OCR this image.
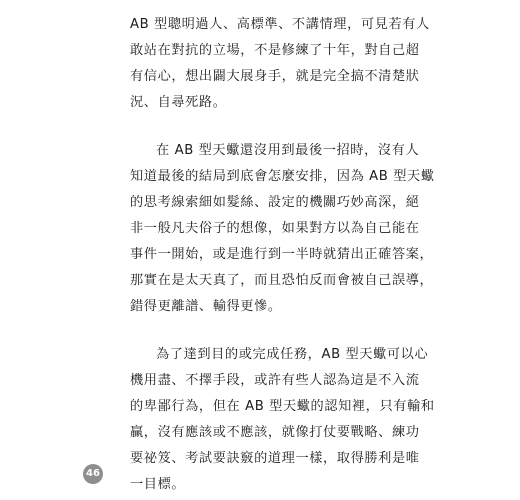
AB 型聰明過人、高標準、不講情理，可見若有人
敢站在對抗的立場，不是修練了十年，對自己超
有信心，想出闢大展身手，就是完全搞不清楚狀
況、自尋死路。
在 AB 型天蠍還沒用到最後一招時，沒有人
知道最後的結局到底會怎麼安排，因為 AB 型天蠍
的思考線索細如髮絲、設定的機關巧妙高深，絕
非一般凡夫俗子的想像，如果對方以為自己能在
事件一開始，或是進行到一半時就猜出正確答案，
那實在是太天真了，而且恐怕反而會被自己誤導，
錯得更離譜、輸得更慘。
為了達到目的或完成任務，AB 型天蠍可以心
機用盡、不擇手段，或許有些人認為這是不入流
的卑鄙行為，但在 AB 型天蠍的認知裡，只有輸和
贏，沒有應該或不應該，就像打仗要戰略、練功
要祕笈、考試要訣竅的道理一樣，取得勝利是唯
一目標。
46
